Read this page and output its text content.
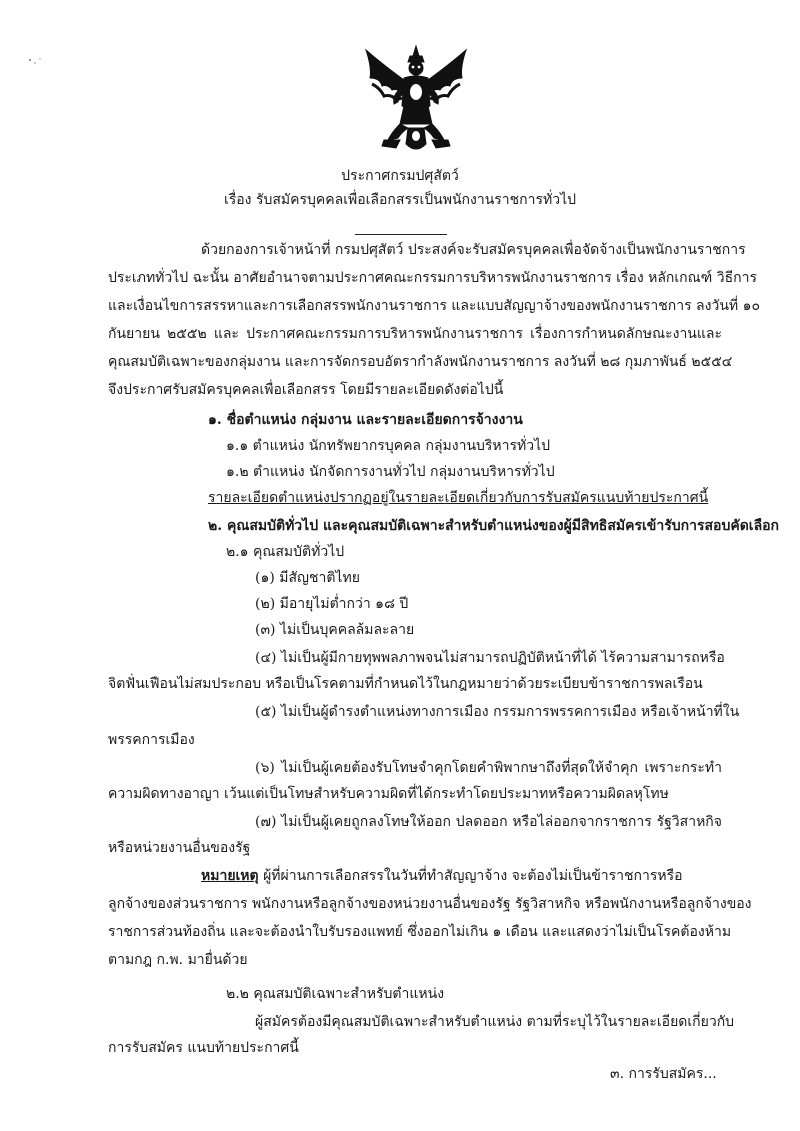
ประกาศกรมปศุสัตว์
เรื่อง รับสมัครบุคคลเพื่อเลือกสรรเป็นพนักงานราชการทั่วไป
ด้วยกองการเจ้าหน้าที่ กรมปศุสัตว์ ประสงค์จะรับสมัครบุคคลเพื่อจัดจ้างเป็นพนักงานราชการ
ประเภททั่วไป ฉะนั้น อาศัยอำนาจตามประกาศคณะกรรมการบริหารพนักงานราชการ เรื่อง หลักเกณฑ์ วิธีการ
และเงื่อนไขการสรรหาและการเลือกสรรพนักงานราชการ และแบบสัญญาจ้างของพนักงานราชการ ลงวันที่ ๑๐
กันยายน ๒๕๕๒ และ ประกาศคณะกรรมการบริหารพนักงานราชการ เรื่องการกำหนดลักษณะงานและ
คุณสมบัติเฉพาะของกลุ่มงาน และการจัดกรอบอัตรากำลังพนักงานราชการ ลงวันที่ ๒๘ กุมภาพันธ์ ๒๕๕๔
จึงประกาศรับสมัครบุคคลเพื่อเลือกสรร โดยมีรายละเอียดดังต่อไปนี้
๑. ชื่อตำแหน่ง กลุ่มงาน และรายละเอียดการจ้างงาน
๑.๑ ตำแหน่ง นักทรัพยากรบุคคล กลุ่มงานบริหารทั่วไป
๑.๒ ตำแหน่ง นักจัดการงานทั่วไป กลุ่มงานบริหารทั่วไป
รายละเอียดตำแหน่งปรากฏอยู่ในรายละเอียดเกี่ยวกับการรับสมัครแนบท้ายประกาศนี้
๒. คุณสมบัติทั่วไป และคุณสมบัติเฉพาะสำหรับตำแหน่งของผู้มีสิทธิสมัครเข้ารับการสอบคัดเลือก
๒.๑ คุณสมบัติทั่วไป
(๑) มีสัญชาติไทย
(๒) มีอายุไม่ต่ำกว่า ๑๘ ปี
(๓) ไม่เป็นบุคคลล้มละลาย
(๔) ไม่เป็นผู้มีกายทุพพลภาพจนไม่สามารถปฏิบัติหน้าที่ได้ ไร้ความสามารถหรือ
จิตฟั่นเฟือนไม่สมประกอบ หรือเป็นโรคตามที่กำหนดไว้ในกฎหมายว่าด้วยระเบียบข้าราชการพลเรือน
(๕) ไม่เป็นผู้ดำรงตำแหน่งทางการเมือง กรรมการพรรคการเมือง หรือเจ้าหน้าที่ใน
พรรคการเมือง
(๖) ไม่เป็นผู้เคยต้องรับโทษจำคุกโดยคำพิพากษาถึงที่สุดให้จำคุก เพราะกระทำ
ความผิดทางอาญา เว้นแต่เป็นโทษสำหรับความผิดที่ได้กระทำโดยประมาทหรือความผิดลหุโทษ
(๗) ไม่เป็นผู้เคยถูกลงโทษให้ออก ปลดออก หรือไล่ออกจากราชการ รัฐวิสาหกิจ
หรือหน่วยงานอื่นของรัฐ
หมายเหตุ ผู้ที่ผ่านการเลือกสรรในวันที่ทำสัญญาจ้าง จะต้องไม่เป็นข้าราชการหรือ
ลูกจ้างของส่วนราชการ พนักงานหรือลูกจ้างของหน่วยงานอื่นของรัฐ รัฐวิสาหกิจ หรือพนักงานหรือลูกจ้างของ
ราชการส่วนท้องถิ่น และจะต้องนำใบรับรองแพทย์ ซึ่งออกไม่เกิน ๑ เดือน และแสดงว่าไม่เป็นโรคต้องห้าม
ตามกฎ ก.พ. มายื่นด้วย
๒.๒ คุณสมบัติเฉพาะสำหรับตำแหน่ง
ผู้สมัครต้องมีคุณสมบัติเฉพาะสำหรับตำแหน่ง ตามที่ระบุไว้ในรายละเอียดเกี่ยวกับ
การรับสมัคร แนบท้ายประกาศนี้
๓. การรับสมัคร...
